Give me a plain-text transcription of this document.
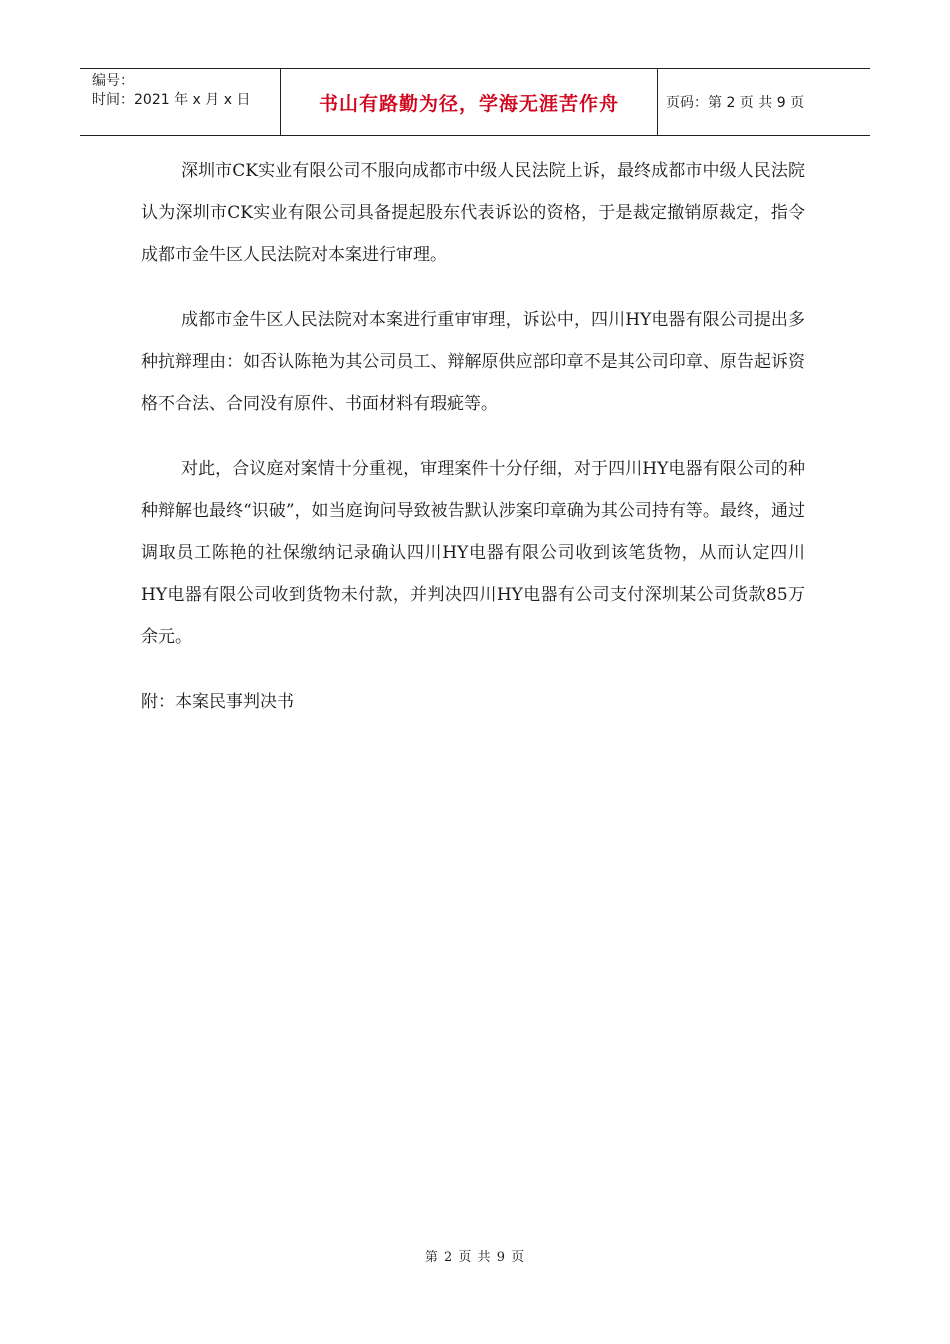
编号：
时间：2021 年 x 月 x 日	书山有路勤为径，学海无涯苦作舟	页码：第 2 页 共 9 页

深圳市CK实业有限公司不服向成都市中级人民法院上诉，最终成都市中级人民法院认为深圳市CK实业有限公司具备提起股东代表诉讼的资格，于是裁定撤销原裁定，指令成都市金牛区人民法院对本案进行审理。

成都市金牛区人民法院对本案进行重审审理，诉讼中，四川HY电器有限公司提出多种抗辩理由：如否认陈艳为其公司员工、辩解原供应部印章不是其公司印章、原告起诉资格不合法、合同没有原件、书面材料有瑕疵等。

对此，合议庭对案情十分重视，审理案件十分仔细，对于四川HY电器有限公司的种种辩解也最终“识破”，如当庭询问导致被告默认涉案印章确为其公司持有等。最终，通过调取员工陈艳的社保缴纳记录确认四川HY电器有限公司收到该笔货物，从而认定四川HY电器有限公司收到货物未付款，并判决四川HY电器有公司支付深圳某公司货款85万余元。

附：本案民事判决书

第 2 页 共 9 页
